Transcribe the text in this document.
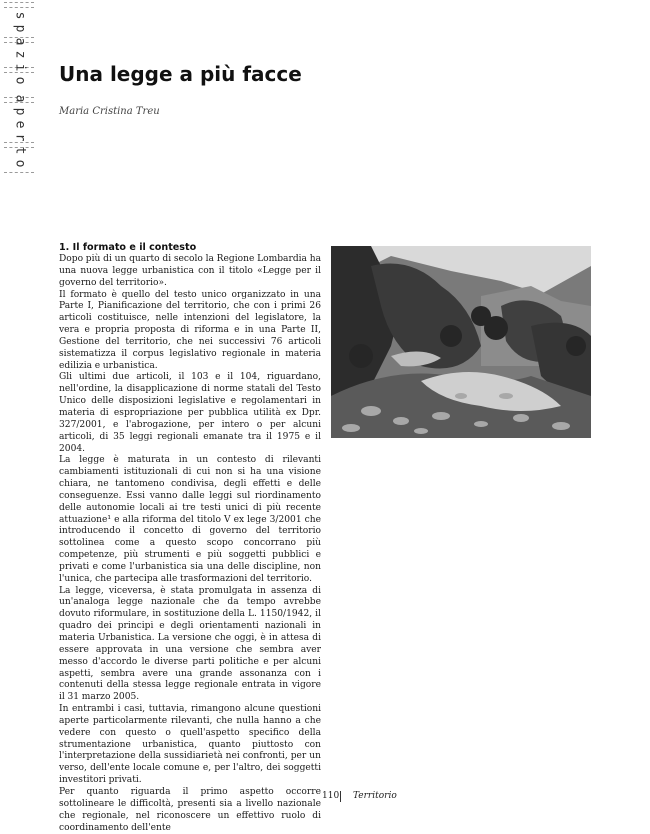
s
p
a
z
i
o
a
p
e
r
t
o
Una legge a più facce
Maria Cristina Treu
1. Il formato e il contesto

Dopo più di un quarto di secolo la Regione Lombardia ha una nuova legge urbanistica con il titolo «Legge per il governo del territorio».

Il formato è quello del testo unico organizzato in una Parte I, Pianificazione del territorio, che con i primi 26 articoli costituisce, nelle intenzioni del legislatore, la vera e propria proposta di riforma e in una Parte II, Gestione del territorio, che nei successivi 76 articoli sistematizza il corpus legislativo regionale in materia edilizia e urbanistica.

Gli ultimi due articoli, il 103 e il 104, riguardano, nell'ordine, la disapplicazione di norme statali del Testo Unico delle disposizioni legislative e regolamentari in materia di espropriazione per pubblica utilità ex Dpr. 327/2001, e l'abrogazione, per intero o per alcuni articoli, di 35 leggi regionali emanate tra il 1975 e il 2004.

La legge è maturata in un contesto di rilevanti cambiamenti istituzionali di cui non si ha una visione chiara, ne tantomeno condivisa, degli effetti e delle conseguenze. Essi vanno dalle leggi sul riordinamento delle autonomie locali ai tre testi unici di più recente attuazione¹ e alla riforma del titolo V ex lege 3/2001 che introducendo il concetto di governo del territorio sottolinea come a questo scopo concorrano più competenze, più strumenti e più soggetti pubblici e privati e come l'urbanistica sia una delle discipline, non l'unica, che partecipa alle trasformazioni del territorio.

La legge, viceversa, è stata promulgata in assenza di un'analoga legge nazionale che da tempo avrebbe dovuto riformulare, in sostituzione della L. 1150/1942, il quadro dei principi e degli orientamenti nazionali in materia Urbanistica. La versione che oggi, è in attesa di essere approvata in una versione che sembra aver messo d'accordo le diverse parti politiche e per alcuni aspetti, sembra avere una grande assonanza con i contenuti della stessa legge regionale entrata in vigore il 31 marzo 2005.

In entrambi i casi, tuttavia, rimangono alcune questioni aperte particolarmente rilevanti, che nulla hanno a che vedere con questo o quell'aspetto specifico della strumentazione urbanistica, quanto piuttosto con l'interpretazione della sussidiarietà nei confronti, per un verso, dell'ente locale comune e, per l'altro, dei soggetti investitori privati.

Per quanto riguarda il primo aspetto occorre sottolineare le difficoltà, presenti sia a livello nazionale che regionale, nel riconoscere un effettivo ruolo di coordinamento dell'ente

110 Territorio
